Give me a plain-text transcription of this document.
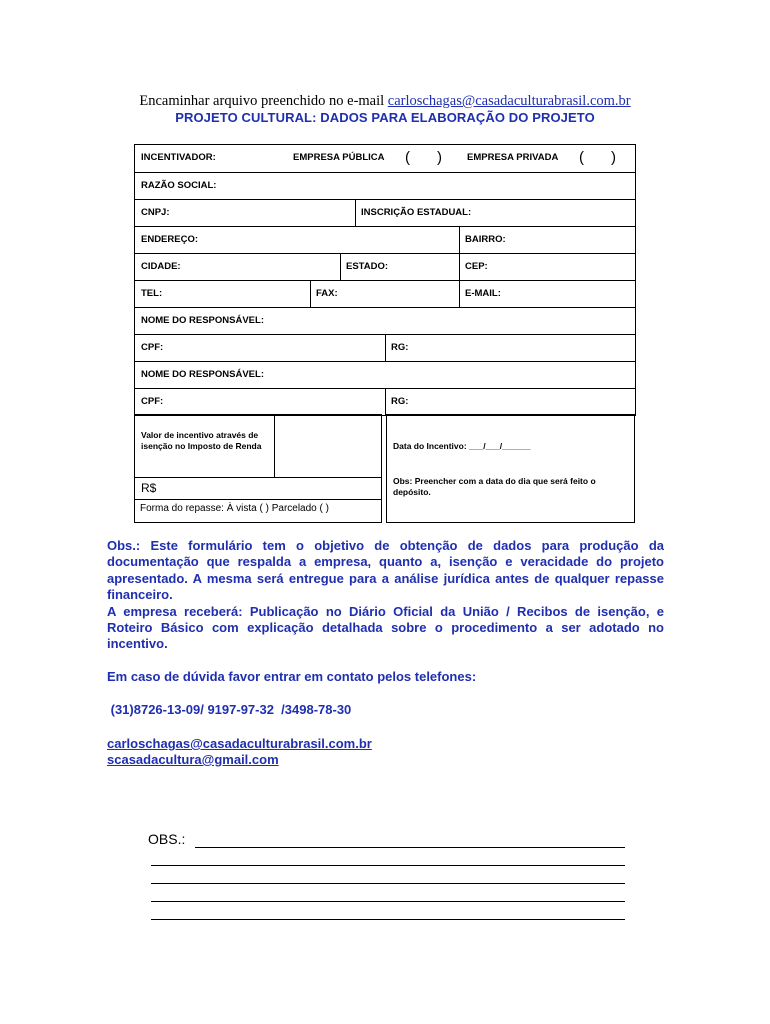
Encaminhar arquivo preenchido no e-mail carloschagas@casadaculturabrasil.com.br
PROJETO CULTURAL: DADOS PARA ELABORAÇÃO DO PROJETO
INCENTIVADOR:	EMPRESA PÚBLICA	(	)	EMPRESA PRIVADA	(	)
RAZÃO SOCIAL:
CNPJ:	INSCRIÇÃO ESTADUAL:
ENDEREÇO:	BAIRRO:
CIDADE:	ESTADO:	CEP:
TEL:	FAX:	E-MAIL:
NOME DO RESPONSÁVEL:
CPF:	RG:
NOME DO RESPONSÁVEL:
CPF:	RG:
Valor de incentivo através de isenção no Imposto de Renda
R$
Forma do repasse: À vista ( ) Parcelado ( )
Data do Incentivo: ___/___/______
Obs: Preencher com a data do dia que será feito o depósito.

Obs.: Este formulário tem o objetivo de obtenção de dados para produção da documentação que respalda a empresa, quanto a, isenção e veracidade do projeto apresentado. A mesma será entregue para a análise jurídica antes de qualquer repasse financeiro.

A empresa receberá: Publicação no Diário Oficial da União / Recibos de isenção, e Roteiro Básico com explicação detalhada sobre o procedimento a ser adotado no incentivo.

Em caso de dúvida favor entrar em contato pelos telefones:
(31)8726-13-09/ 9197-97-32  /3498-78-30
carloschagas@casadaculturabrasil.com.br
scasadacultura@gmail.com
OBS.:
